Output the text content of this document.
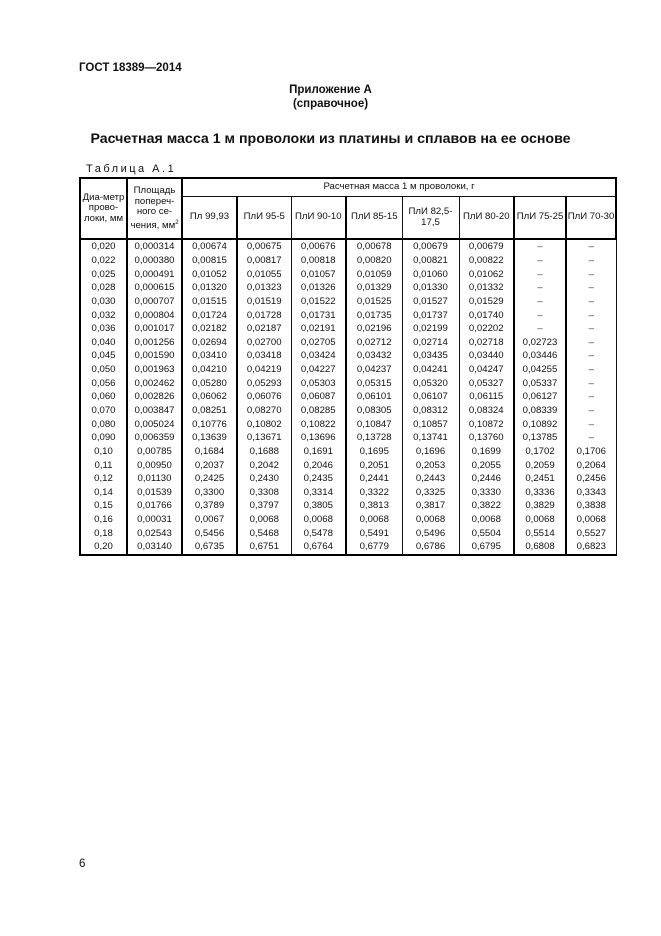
ГОСТ 18389—2014
Приложение А
(справочное)
Расчетная масса 1 м проволоки из платины и сплавов на ее основе
Таблица А.1
Диа-метр прово-локи, мм	Площадь попереч-ного се-чения, $мм^2$	Расчетная масса 1 м проволоки, г							
		Пл 99,93	ПлИ 95-5	ПлИ 90-10	ПлИ 85-15	ПлИ 82,5-17,5	ПлИ 80-20	ПлИ 75-25	ПлИ 70-30
0,020	0,000314	0,00674	0,00675	0,00676	0,00678	0,00679	0,00679	–	–
0,022	0,000380	0,00815	0,00817	0,00818	0,00820	0,00821	0,00822	–	–
0,025	0,000491	0,01052	0,01055	0,01057	0,01059	0,01060	0,01062	–	–
0,028	0,000615	0,01320	0,01323	0,01326	0,01329	0,01330	0,01332	–	–
0,030	0,000707	0,01515	0,01519	0,01522	0,01525	0,01527	0,01529	–	–
0,032	0,000804	0,01724	0,01728	0,01731	0,01735	0,01737	0,01740	–	–
0,036	0,001017	0,02182	0,02187	0,02191	0,02196	0,02199	0,02202	–	–
0,040	0,001256	0,02694	0,02700	0,02705	0,02712	0,02714	0,02718	0,02723	–
0,045	0,001590	0,03410	0,03418	0,03424	0,03432	0,03435	0,03440	0,03446	–
0,050	0,001963	0,04210	0,04219	0,04227	0,04237	0,04241	0,04247	0,04255	–
0,056	0,002462	0,05280	0,05293	0,05303	0,05315	0,05320	0,05327	0,05337	–
0,060	0,002826	0,06062	0,06076	0,06087	0,06101	0,06107	0,06115	0,06127	–
0,070	0,003847	0,08251	0,08270	0,08285	0,08305	0,08312	0,08324	0,08339	–
0,080	0,005024	0,10776	0,10802	0,10822	0,10847	0,10857	0,10872	0,10892	–
0,090	0,006359	0,13639	0,13671	0,13696	0,13728	0,13741	0,13760	0,13785	–
0,10	0,00785	0,1684	0,1688	0,1691	0,1695	0,1696	0,1699	0,1702	0,1706
0,11	0,00950	0,2037	0,2042	0,2046	0,2051	0,2053	0,2055	0,2059	0,2064
0,12	0,01130	0,2425	0,2430	0,2435	0,2441	0,2443	0,2446	0,2451	0,2456
0,14	0,01539	0,3300	0,3308	0,3314	0,3322	0,3325	0,3330	0,3336	0,3343
0,15	0,01766	0,3789	0,3797	0,3805	0,3813	0,3817	0,3822	0,3829	0,3838
0,16	0,00031	0,0067	0,0068	0,0068	0,0068	0,0068	0,0068	0,0068	0,0068
0,18	0,02543	0,5456	0,5468	0,5478	0,5491	0,5496	0,5504	0,5514	0,5527
0,20	0,03140	0,6735	0,6751	0,6764	0,6779	0,6786	0,6795	0,6808	0,6823
6
